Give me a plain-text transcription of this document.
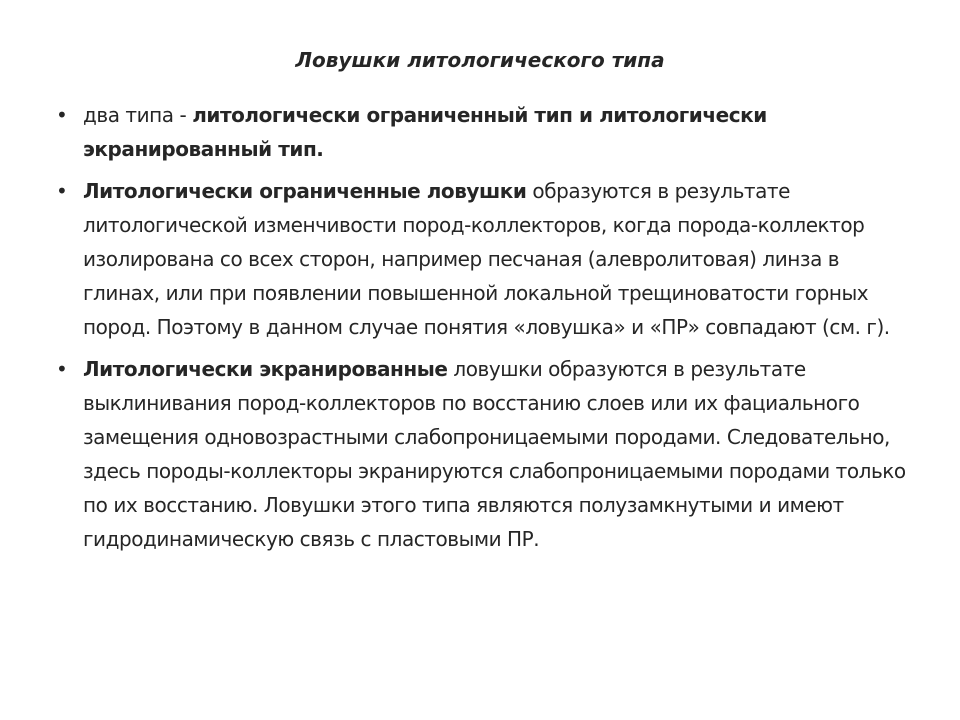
Ловушки литологического типа
• два типа - литологически ограниченный тип и литологически экранированный тип.
• Литологически ограниченные ловушки образуются в результате литологической изменчивости пород-коллекторов, когда порода-коллектор изолирована со всех сторон, например песчаная (алевролитовая) линза в глинах, или при появлении повышенной локальной трещиноватости горных пород. Поэтому в данном случае понятия «ловушка» и «ПР» совпадают (см. г).
• Литологически экранированные ловушки образуются в результате выклинивания пород-коллекторов по восстанию слоев или их фациального замещения одновозрастными слабопроницаемыми породами. Следовательно, здесь породы-коллекторы экранируются слабопроницаемыми породами только по их восстанию. Ловушки этого типа являются полузамкнутыми и имеют гидродинамическую связь с пластовыми ПР.
